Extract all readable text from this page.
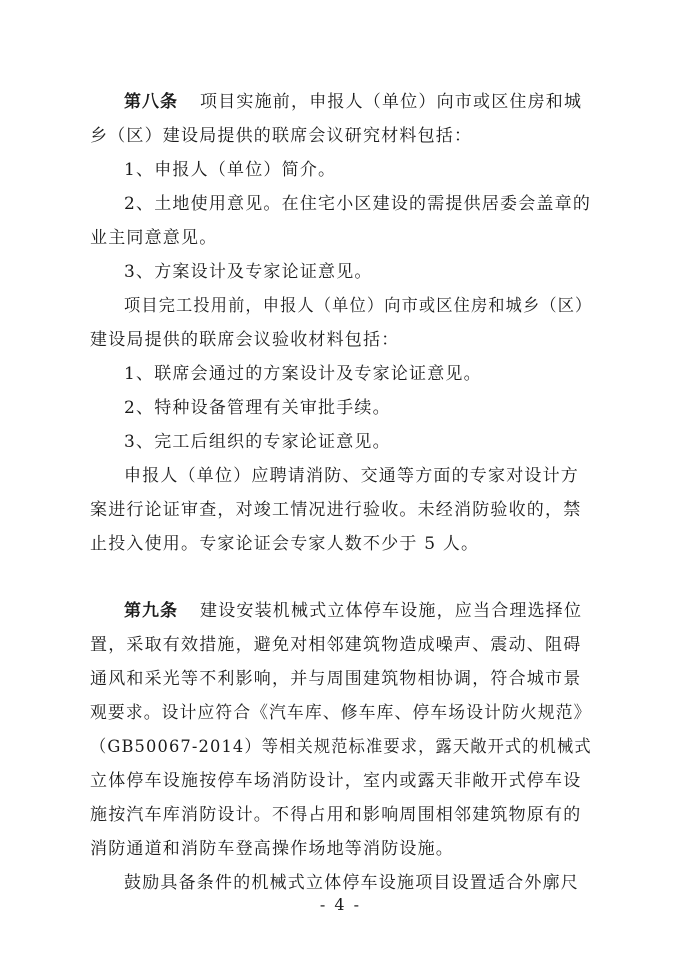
第八条 项目实施前，申报人（单位）向市或区住房和城
乡（区）建设局提供的联席会议研究材料包括：
1、申报人（单位）简介。
2、土地使用意见。在住宅小区建设的需提供居委会盖章的
业主同意意见。
3、方案设计及专家论证意见。
项目完工投用前，申报人（单位）向市或区住房和城乡（区）
建设局提供的联席会议验收材料包括：
1、联席会通过的方案设计及专家论证意见。
2、特种设备管理有关审批手续。
3、完工后组织的专家论证意见。
申报人（单位）应聘请消防、交通等方面的专家对设计方
案进行论证审查，对竣工情况进行验收。未经消防验收的，禁
止投入使用。专家论证会专家人数不少于 5 人。
第九条 建设安装机械式立体停车设施，应当合理选择位
置，采取有效措施，避免对相邻建筑物造成噪声、震动、阻碍
通风和采光等不利影响，并与周围建筑物相协调，符合城市景
观要求。设计应符合《汽车库、修车库、停车场设计防火规范》
（GB50067-2014）等相关规范标准要求，露天敞开式的机械式
立体停车设施按停车场消防设计，室内或露天非敞开式停车设
施按汽车库消防设计。不得占用和影响周围相邻建筑物原有的
消防通道和消防车登高操作场地等消防设施。
鼓励具备条件的机械式立体停车设施项目设置适合外廓尺
- 4 -
